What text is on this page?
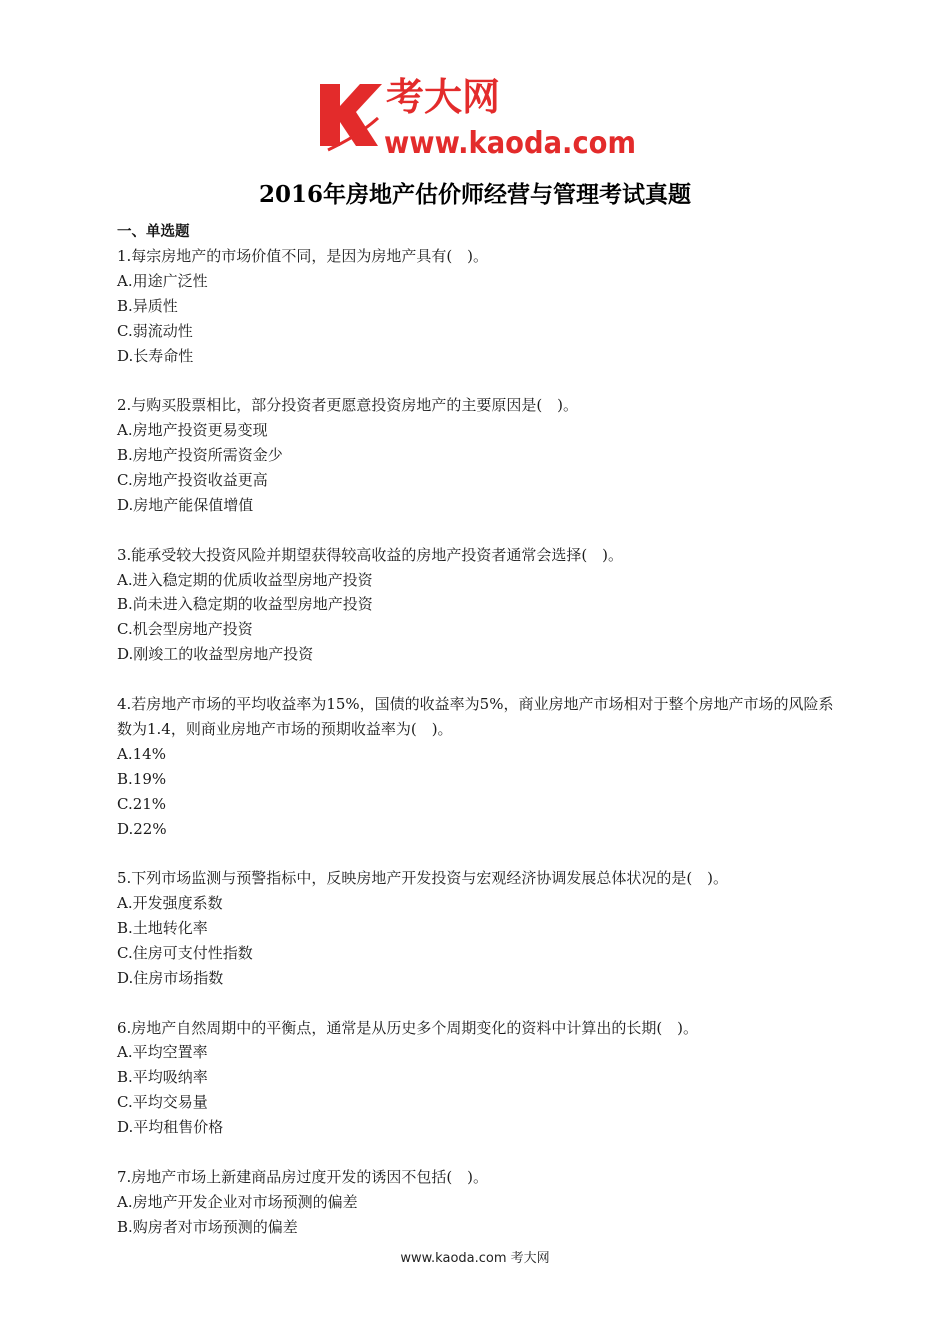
考大网
www.kaoda.com
2016年房地产估价师经营与管理考试真题
一、单选题
1.每宗房地产的市场价值不同，是因为房地产具有(　)。
A.用途广泛性
B.异质性
C.弱流动性
D.长寿命性
2.与购买股票相比，部分投资者更愿意投资房地产的主要原因是(　)。
A.房地产投资更易变现
B.房地产投资所需资金少
C.房地产投资收益更高
D.房地产能保值增值
3.能承受较大投资风险并期望获得较高收益的房地产投资者通常会选择(　)。
A.进入稳定期的优质收益型房地产投资
B.尚未进入稳定期的收益型房地产投资
C.机会型房地产投资
D.刚竣工的收益型房地产投资
4.若房地产市场的平均收益率为15%，国债的收益率为5%，商业房地产市场相对于整个房地产市场的风险系数为1.4，则商业房地产市场的预期收益率为(　)。
A.14%
B.19%
C.21%
D.22%
5.下列市场监测与预警指标中，反映房地产开发投资与宏观经济协调发展总体状况的是(　)。
A.开发强度系数
B.土地转化率
C.住房可支付性指数
D.住房市场指数
6.房地产自然周期中的平衡点，通常是从历史多个周期变化的资料中计算出的长期(　)。
A.平均空置率
B.平均吸纳率
C.平均交易量
D.平均租售价格
7.房地产市场上新建商品房过度开发的诱因不包括(　)。
A.房地产开发企业对市场预测的偏差
B.购房者对市场预测的偏差
www.kaoda.com 考大网
